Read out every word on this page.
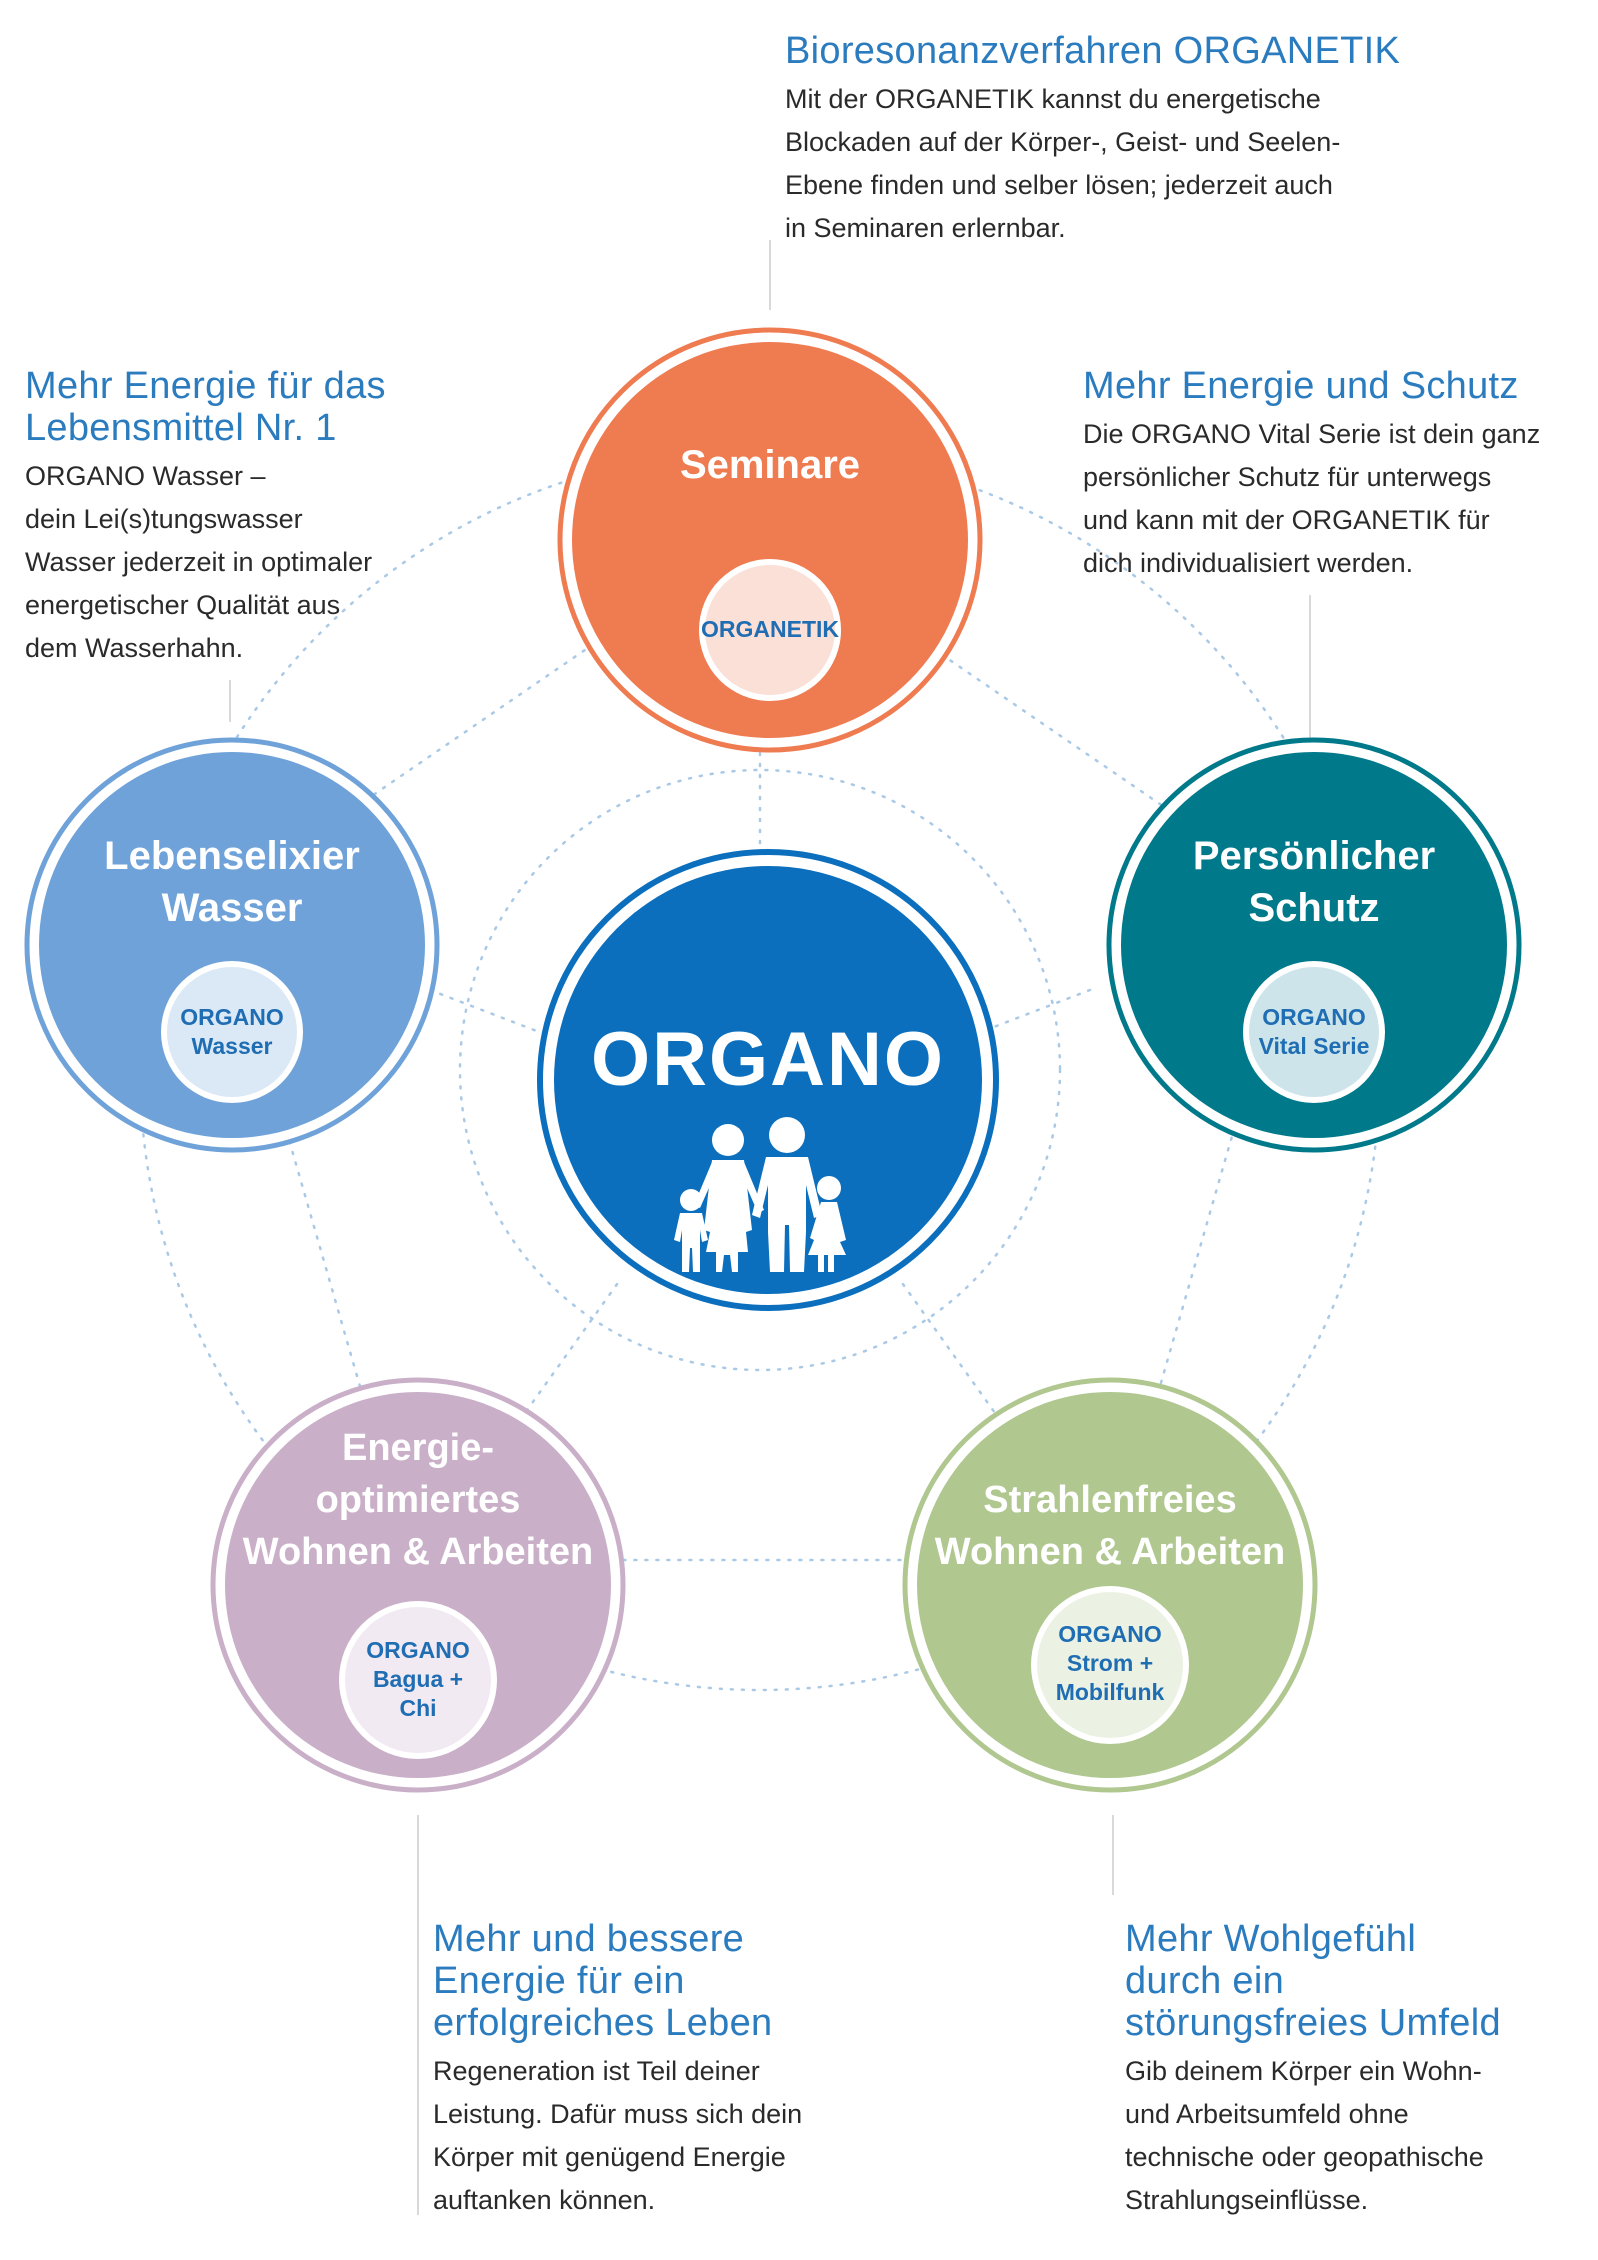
Seminare
ORGANETIK
Lebenselixier
Wasser
ORGANO
Wasser
Persönlicher
Schutz
ORGANO
Vital Serie
ORGANO
Energie-
optimiertes
Wohnen & Arbeiten
ORGANO
Bagua +
Chi
Strahlenfreies
Wohnen & Arbeiten
ORGANO
Strom +
Mobilfunk
Bioresonanzverfahren ORGANETIK
Mit der ORGANETIK kannst du energetische
Blockaden auf der Körper-, Geist- und Seelen-
Ebene finden und selber lösen; jederzeit auch
in Seminaren erlernbar.
Mehr Energie für das
Lebensmittel Nr. 1
ORGANO Wasser –
dein Lei(s)tungswasser
Wasser jederzeit in optimaler
energetischer Qualität aus
dem Wasserhahn.
Mehr Energie und Schutz
Die ORGANO Vital Serie ist dein ganz
persönlicher Schutz für unterwegs
und kann mit der ORGANETIK für
dich individualisiert werden.
Mehr und bessere
Energie für ein
erfolgreiches Leben
Regeneration ist Teil deiner
Leistung. Dafür muss sich dein
Körper mit genügend Energie
auftanken können.
Mehr Wohlgefühl
durch ein
störungsfreies Umfeld
Gib deinem Körper ein Wohn-
und Arbeitsumfeld ohne
technische oder geopathische
Strahlungseinflüsse.
